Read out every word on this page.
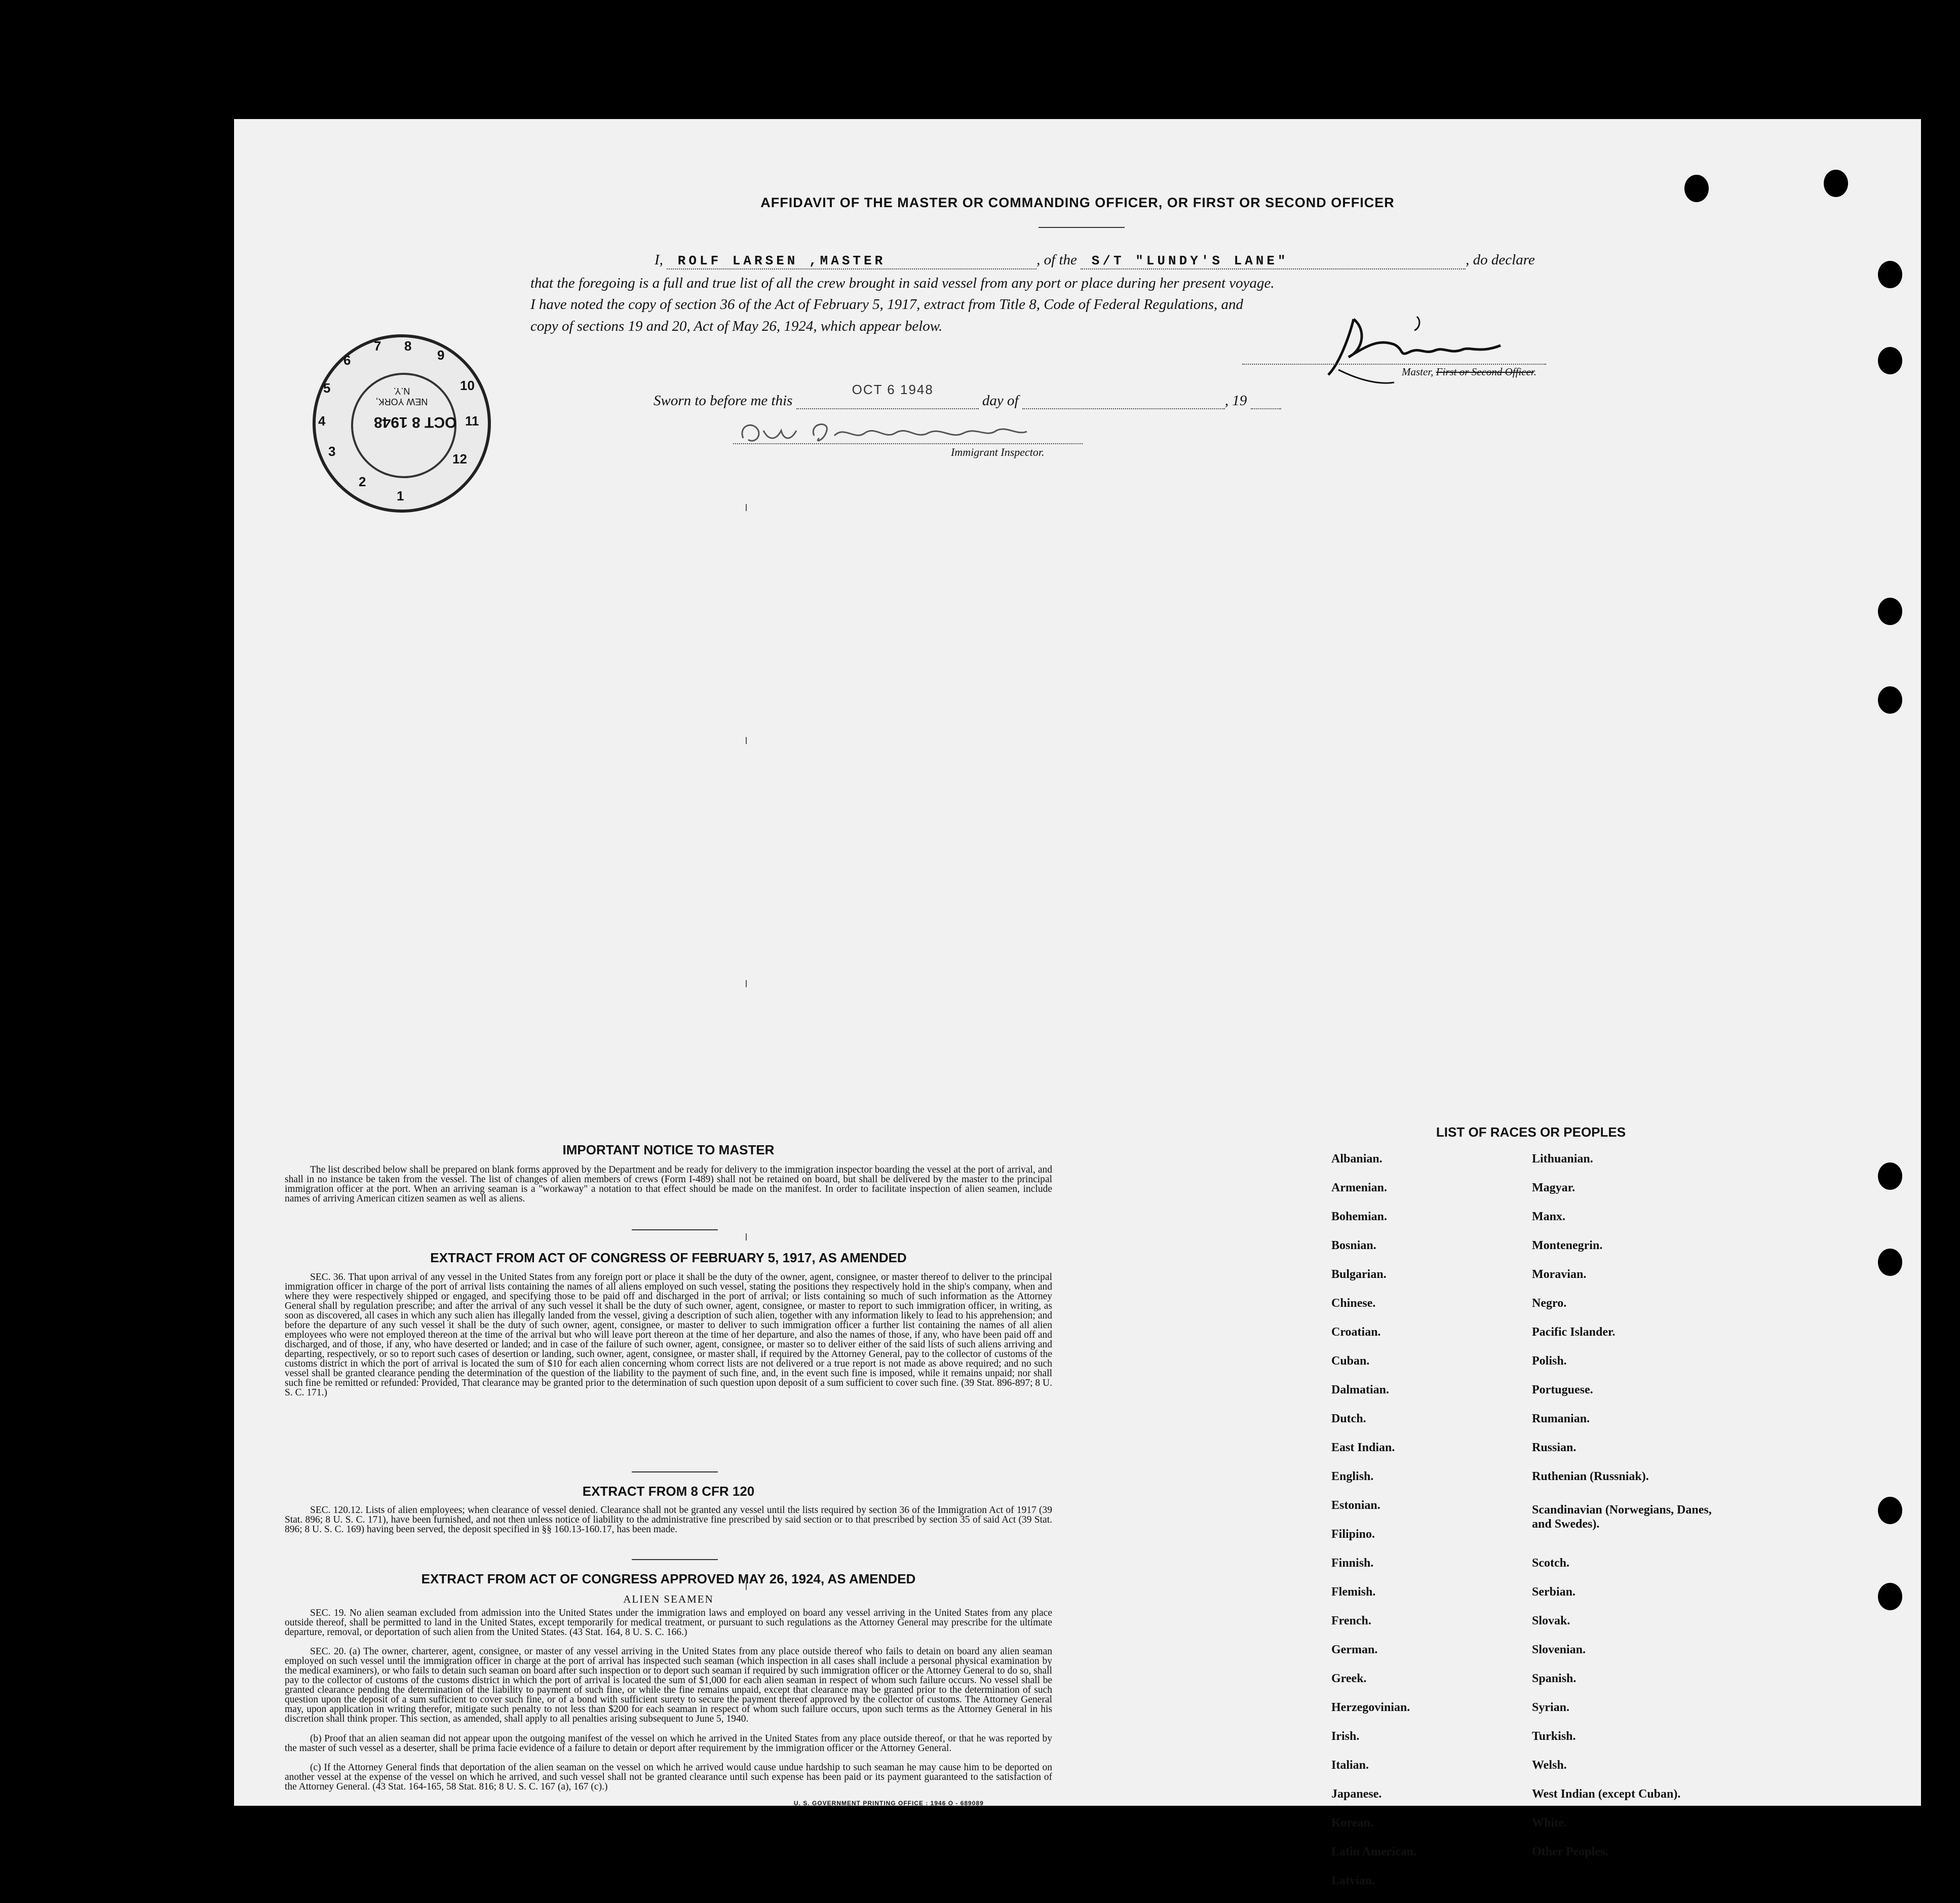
AFFIDAVIT OF THE MASTER OR COMMANDING OFFICER, OR FIRST OR SECOND OFFICER
I, ROLF LARSEN ,MASTER	, of the S/T "LUNDY'S LANE"	, do declare
that the foregoing is a full and true list of all the crew brought in said vessel from any port or place during her present voyage.
I have noted the copy of section 36 of the Act of February 5, 1917, extract from Title 8, Code of Federal Regulations, and
copy of sections 19 and 20, Act of May 26, 1924, which appear below.
Master, First or Second Officer.
Sworn to before me this
OCT 6 1948
day of	, 19
Immigrant Inspector.
1
2
3
4
5
6
7 8
9
10
11
12
NEW YORK, N.Y.
OCT 8 1948
IMPORTANT NOTICE TO MASTER
The list described below shall be prepared on blank forms approved by the Department and be ready for delivery to the immigration inspector boarding the vessel at the port of arrival, and shall in no instance be taken from the vessel. The list of changes of alien members of crews (Form I-489) shall not be retained on board, but shall be delivered by the master to the principal immigration officer at the port. When an arriving seaman is a "workaway" a notation to that effect should be made on the manifest. In order to facilitate inspection of alien seamen, include names of arriving American citizen seamen as well as aliens.
EXTRACT FROM ACT OF CONGRESS OF FEBRUARY 5, 1917, AS AMENDED
SEC. 36. That upon arrival of any vessel in the United States from any foreign port or place it shall be the duty of the owner, agent, consignee, or master thereof to deliver to the principal immigration officer in charge of the port of arrival lists containing the names of all aliens employed on such vessel, stating the positions they respectively hold in the ship's company, when and where they were respectively shipped or engaged, and specifying those to be paid off and discharged in the port of arrival; or lists containing so much of such information as the Attorney General shall by regulation prescribe; and after the arrival of any such vessel it shall be the duty of such owner, agent, consignee, or master to report to such immigration officer, in writing, as soon as discovered, all cases in which any such alien has illegally landed from the vessel, giving a description of such alien, together with any information likely to lead to his apprehension; and before the departure of any such vessel it shall be the duty of such owner, agent, consignee, or master to deliver to such immigration officer a further list containing the names of all alien employees who were not employed thereon at the time of the arrival but who will leave port thereon at the time of her departure, and also the names of those, if any, who have been paid off and discharged, and of those, if any, who have deserted or landed; and in case of the failure of such owner, agent, consignee, or master so to deliver either of the said lists of such aliens arriving and departing, respectively, or so to report such cases of desertion or landing, such owner, agent, consignee, or master shall, if required by the Attorney General, pay to the collector of customs of the customs district in which the port of arrival is located the sum of $10 for each alien concerning whom correct lists are not delivered or a true report is not made as above required; and no such vessel shall be granted clearance pending the determination of the question of the liability to the payment of such fine, and, in the event such fine is imposed, while it remains unpaid; nor shall such fine be remitted or refunded: Provided, That clearance may be granted prior to the determination of such question upon deposit of a sum sufficient to cover such fine. (39 Stat. 896-897; 8 U. S. C. 171.)
EXTRACT FROM 8 CFR 120
SEC. 120.12. Lists of alien employees; when clearance of vessel denied. Clearance shall not be granted any vessel until the lists required by section 36 of the Immigration Act of 1917 (39 Stat. 896; 8 U. S. C. 171), have been furnished, and not then unless notice of liability to the administrative fine prescribed by said section or to that prescribed by section 35 of said Act (39 Stat. 896; 8 U. S. C. 169) having been served, the deposit specified in §§ 160.13-160.17, has been made.
EXTRACT FROM ACT OF CONGRESS APPROVED MAY 26, 1924, AS AMENDED
ALIEN SEAMEN
SEC. 19. No alien seaman excluded from admission into the United States under the immigration laws and employed on board any vessel arriving in the United States from any place outside thereof, shall be permitted to land in the United States, except temporarily for medical treatment, or pursuant to such regulations as the Attorney General may prescribe for the ultimate departure, removal, or deportation of such alien from the United States. (43 Stat. 164, 8 U. S. C. 166.)
SEC. 20. (a) The owner, charterer, agent, consignee, or master of any vessel arriving in the United States from any place outside thereof who fails to detain on board any alien seaman employed on such vessel until the immigration officer in charge at the port of arrival has inspected such seaman (which inspection in all cases shall include a personal physical examination by the medical examiners), or who fails to detain such seaman on board after such inspection or to deport such seaman if required by such immigration officer or the Attorney General to do so, shall pay to the collector of customs of the customs district in which the port of arrival is located the sum of $1,000 for each alien seaman in respect of whom such failure occurs. No vessel shall be granted clearance pending the determination of the liability to payment of such fine, or while the fine remains unpaid, except that clearance may be granted prior to the determination of such question upon the deposit of a sum sufficient to cover such fine, or of a bond with sufficient surety to secure the payment thereof approved by the collector of customs. The Attorney General may, upon application in writing therefor, mitigate such penalty to not less than $200 for each seaman in respect of whom such failure occurs, upon such terms as the Attorney General in his discretion shall think proper. This section, as amended, shall apply to all penalties arising subsequent to June 5, 1940.
(b) Proof that an alien seaman did not appear upon the outgoing manifest of the vessel on which he arrived in the United States from any place outside thereof, or that he was reported by the master of such vessel as a deserter, shall be prima facie evidence of a failure to detain or deport after requirement by the immigration officer or the Attorney General.
(c) If the Attorney General finds that deportation of the alien seaman on the vessel on which he arrived would cause undue hardship to such seaman he may cause him to be deported on another vessel at the expense of the vessel on which he arrived, and such vessel shall not be granted clearance until such expense has been paid or its payment guaranteed to the satisfaction of the Attorney General. (43 Stat. 164-165, 58 Stat. 816; 8 U. S. C. 167 (a), 167 (c).)
U. S. GOVERNMENT PRINTING OFFICE : 1946 O - 689089
LIST OF RACES OR PEOPLES
Albanian.
Armenian.
Bohemian.
Bosnian.
Bulgarian.
Chinese.
Croatian.
Cuban.
Dalmatian.
Dutch.
East Indian.
English.
Estonian.
Filipino.
Finnish.
Flemish.
French.
German.
Greek.
Herzegovinian.
Irish.
Italian.
Japanese.
Korean.
Latin American.
Latvian.
Lithuanian.
Magyar.
Manx.
Montenegrin.
Moravian.
Negro.
Pacific Islander.
Polish.
Portuguese.
Rumanian.
Russian.
Ruthenian (Russniak).
Scandinavian (Norwegians, Danes, and Swedes).
Scotch.
Serbian.
Slovak.
Slovenian.
Spanish.
Syrian.
Turkish.
Welsh.
West Indian (except Cuban).
White.
Other Peoples.
